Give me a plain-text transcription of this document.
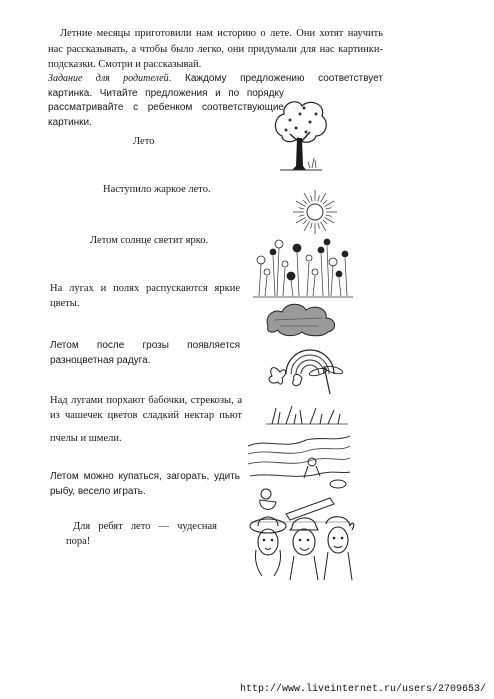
Летние месяцы приготовили нам историю о лете. Они хотят научить нас рассказывать, а чтобы было легко, они придумали для нас картинки-подсказки. Смотри и рассказывай.
Задание для родителей. Каждому предложению соответствует
картинка. Читайте предложения и по порядку
рассматривайте с ребенком соответствующие
картинки.
Лето
Наступило жаркое лето.
Летом солнце светит ярко.
На лугах и полях распускаются яркие
цветы.
Летом после грозы появляется
разноцветная радуга.
Над лугами порхают бабочки, стрекозы, а
из чашечек цветов сладкий нектар пьют
пчелы и шмели.
Летом можно купаться, загорать, удить
рыбу, весело играть.
Для ребят лето — чудесная
пора!
http://www.liveinternet.ru/users/2709653/
